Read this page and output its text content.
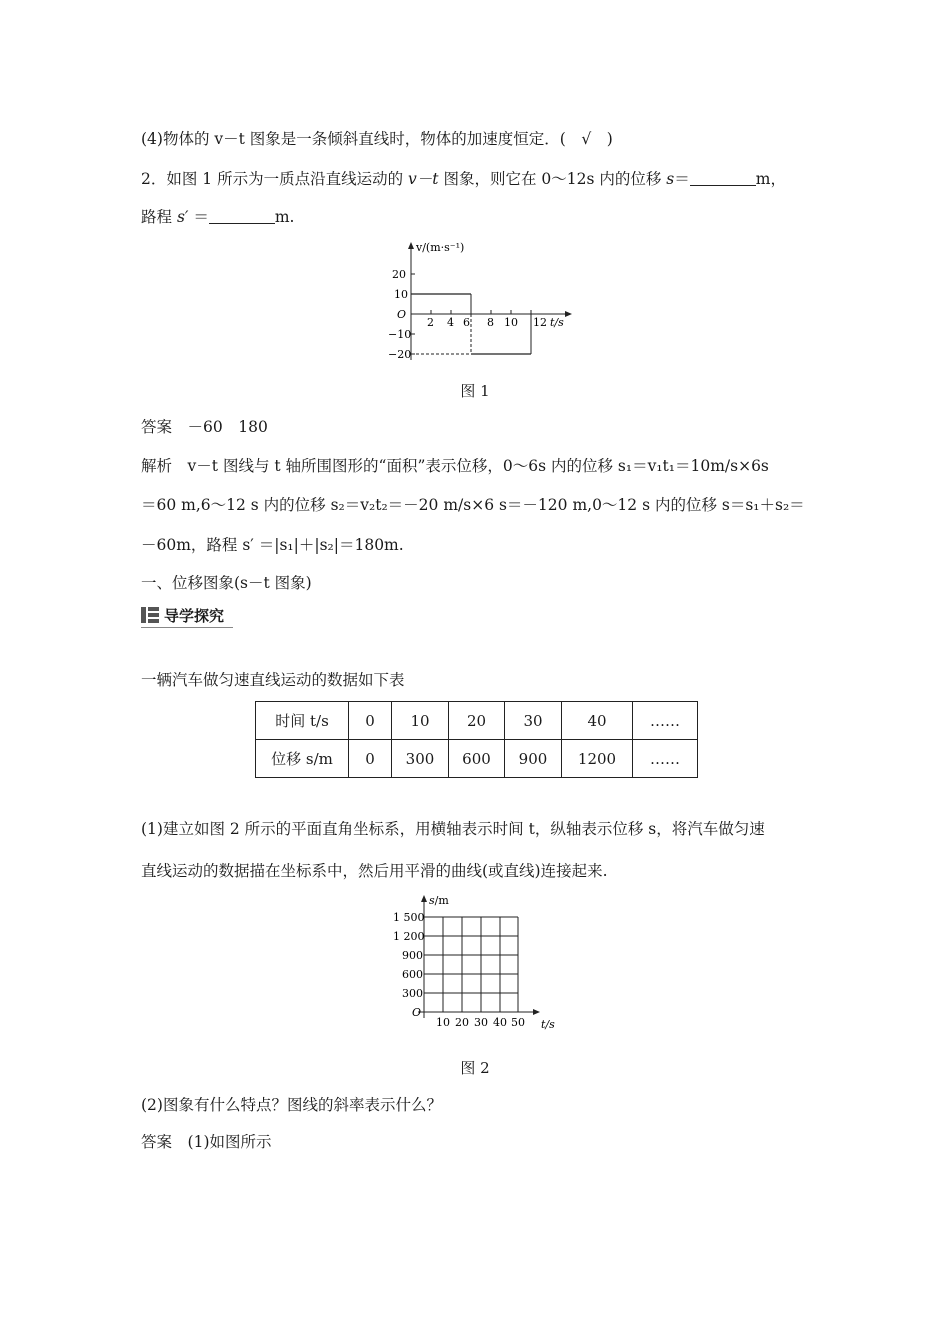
(4)物体的 v－t 图象是一条倾斜直线时，物体的加速度恒定．(　√　)
2．如图 1 所示为一质点沿直线运动的 v－t 图象，则它在 0～12s 内的位移 s＝	m，
路程 s′ ＝	m.
v/(m·s⁻¹)
20
10
O
−10
−20
2 4 6 8 10 12 t/s
图 1
答案　 －60　180
解析　 v－t 图线与 t 轴所围图形的“面积”表示位移，0～6s 内的位移 s₁＝v₁t₁＝10m/s×6s
＝60 m,6～12 s 内的位移 s₂＝v₂t₂＝－20 m/s×6 s＝－120 m,0～12 s 内的位移 s＝s₁＋s₂＝
－60m，路程 s′ ＝|s₁|＋|s₂|＝180m.
一、位移图象(s－t 图象)
导学探究
一辆汽车做匀速直线运动的数据如下表
时间 t/s	0	10	20	30	40	……
位移 s/m	0	300	600	900	1200	……
(1)建立如图 2 所示的平面直角坐标系，用横轴表示时间 t，纵轴表示位移 s，将汽车做匀速
直线运动的数据描在坐标系中，然后用平滑的曲线(或直线)连接起来.
s/m
1 500
1 200
900
600
300
O
10 20 30 40 50 t/s
图 2
(2)图象有什么特点？图线的斜率表示什么？
答案　 (1)如图所示
